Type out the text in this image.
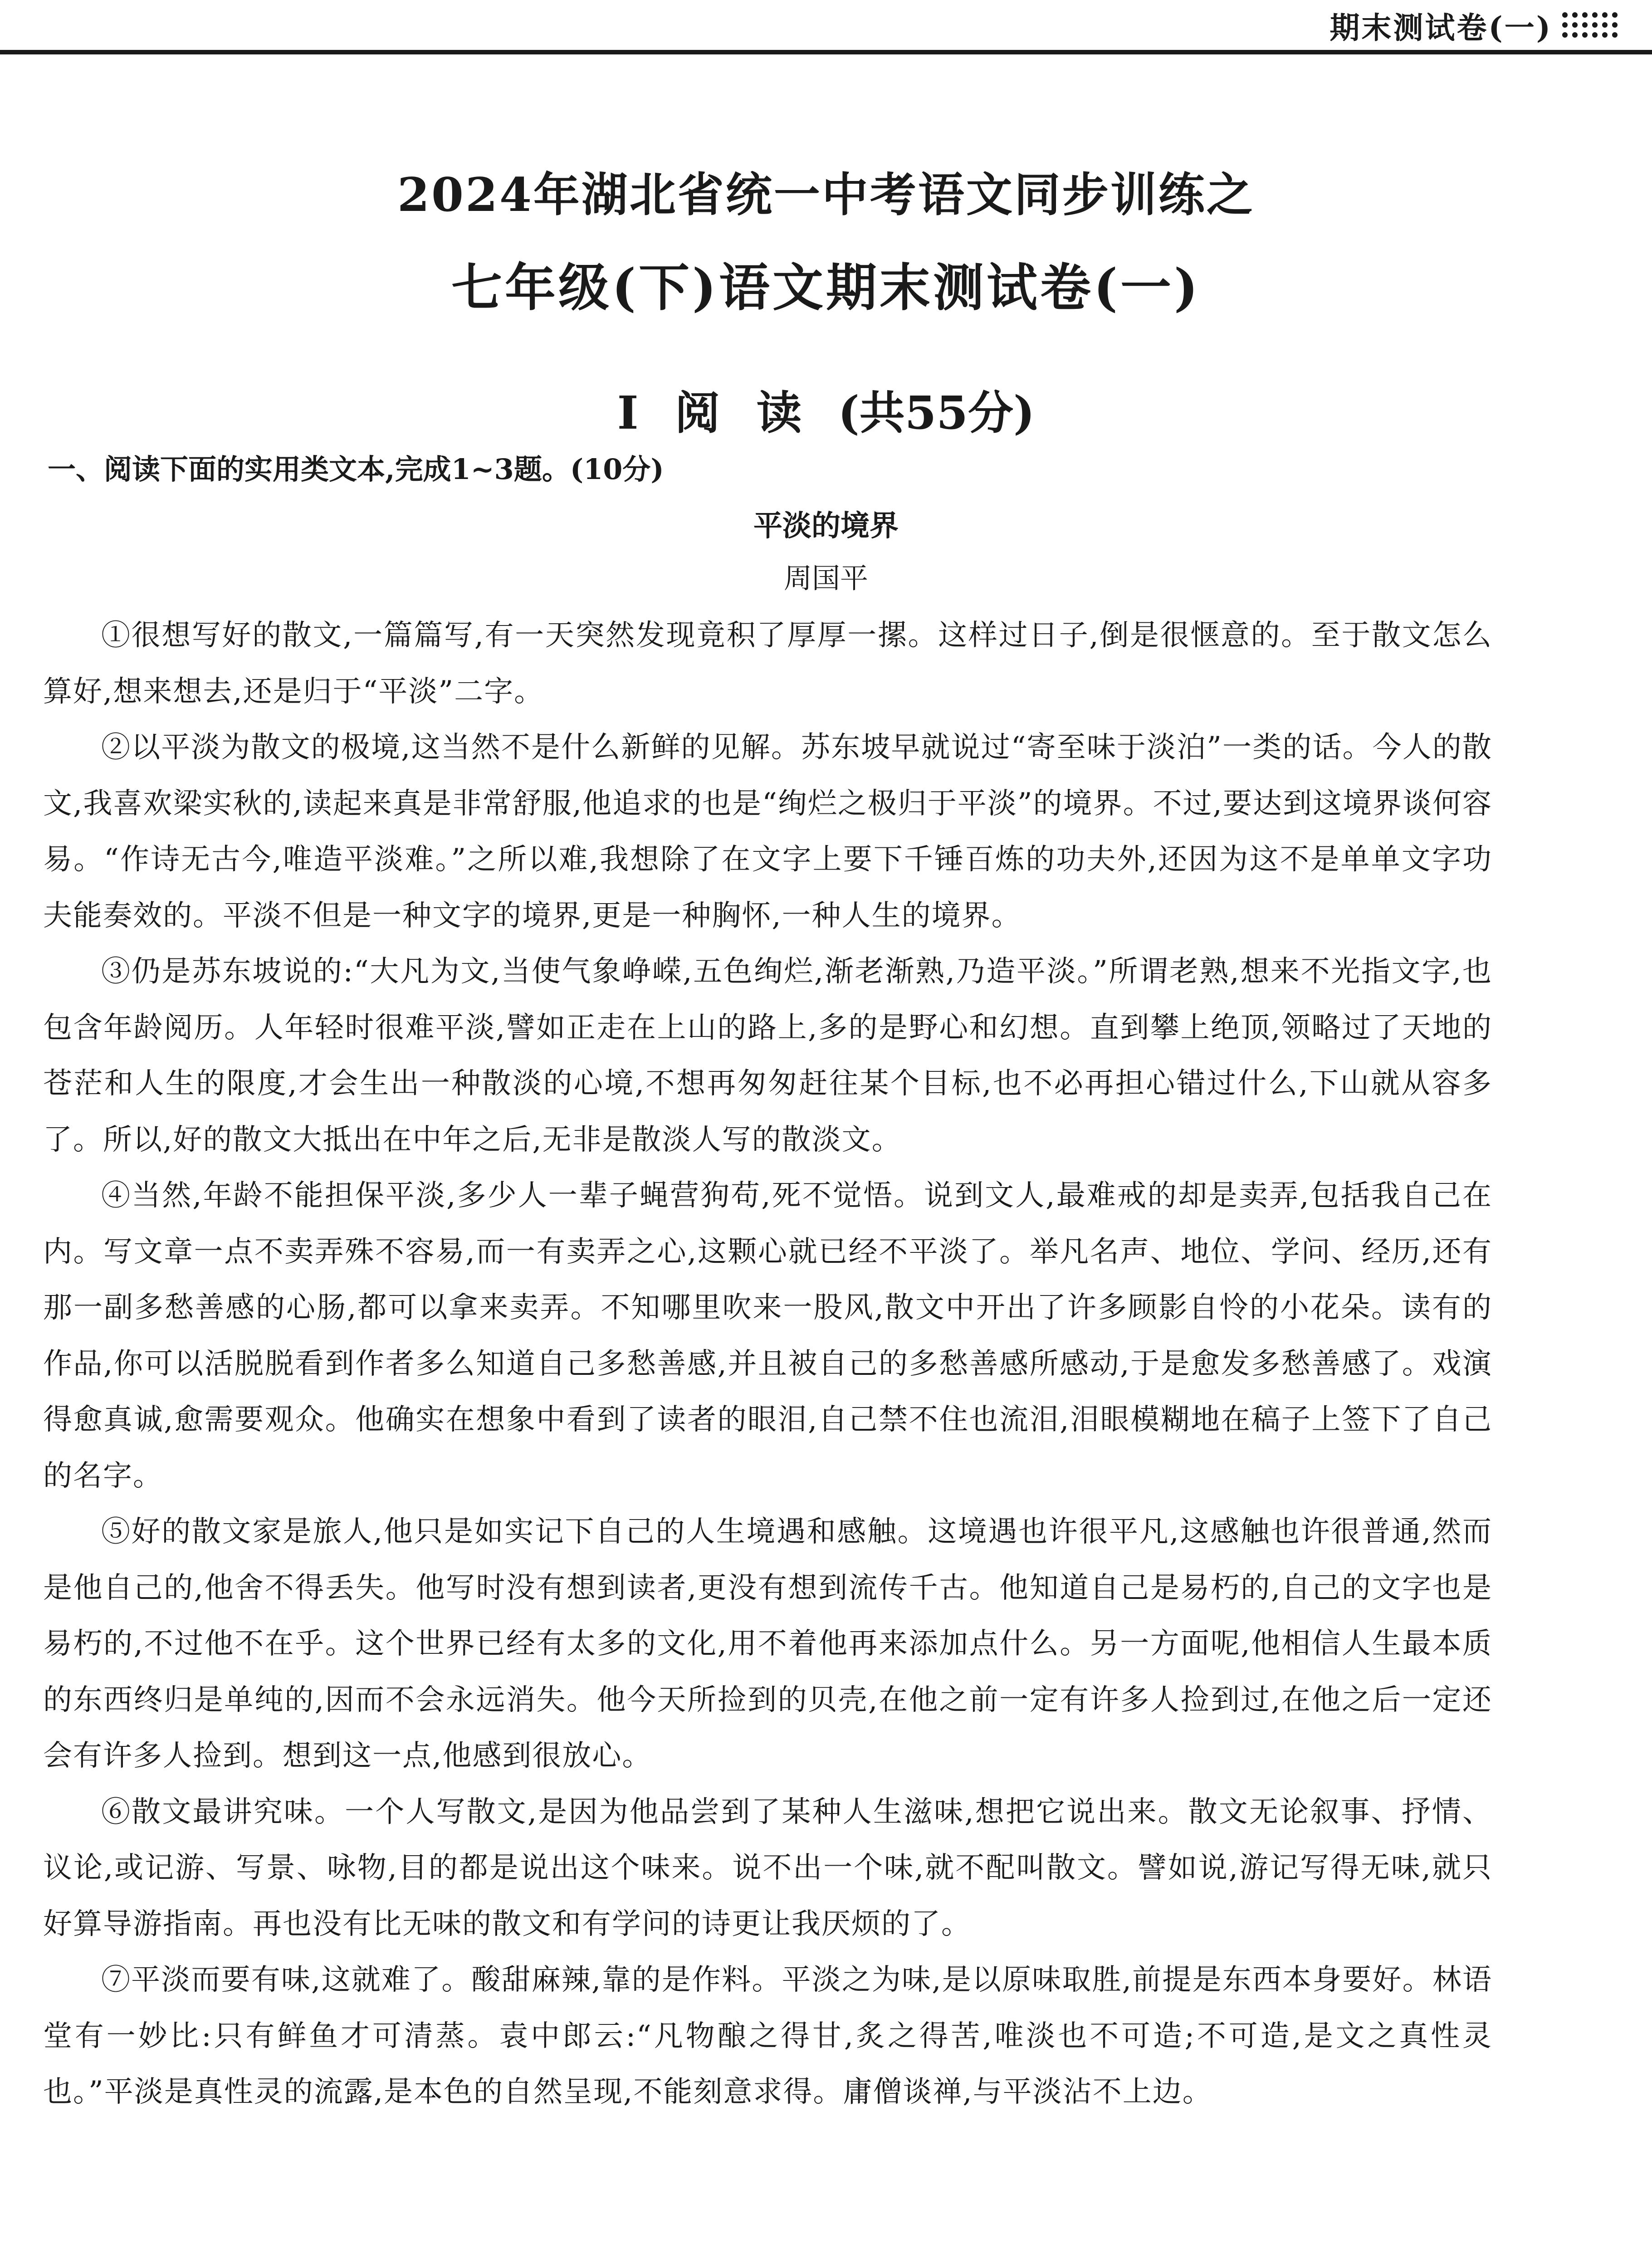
期末测试卷(一)
2024年湖北省统一中考语文同步训练之
七年级(下)语文期末测试卷(一)
I 阅 读 (共55分)
一、阅读下面的实用类文本,完成1~3题。(10分)
平淡的境界
周国平

①很想写好的散文,一篇篇写,有一天突然发现竟积了厚厚一摞。这样过日子,倒是很惬意的。至于散文怎么算好,想来想去,还是归于“平淡”二字。

②以平淡为散文的极境,这当然不是什么新鲜的见解。苏东坡早就说过“寄至味于淡泊”一类的话。今人的散文,我喜欢梁实秋的,读起来真是非常舒服,他追求的也是“绚烂之极归于平淡”的境界。不过,要达到这境界谈何容易。“作诗无古今,唯造平淡难。”之所以难,我想除了在文字上要下千锤百炼的功夫外,还因为这不是单单文字功夫能奏效的。平淡不但是一种文字的境界,更是一种胸怀,一种人生的境界。

③仍是苏东坡说的:“大凡为文,当使气象峥嵘,五色绚烂,渐老渐熟,乃造平淡。”所谓老熟,想来不光指文字,也包含年龄阅历。人年轻时很难平淡,譬如正走在上山的路上,多的是野心和幻想。直到攀上绝顶,领略过了天地的苍茫和人生的限度,才会生出一种散淡的心境,不想再匆匆赶往某个目标,也不必再担心错过什么,下山就从容多了。所以,好的散文大抵出在中年之后,无非是散淡人写的散淡文。

④当然,年龄不能担保平淡,多少人一辈子蝇营狗苟,死不觉悟。说到文人,最难戒的却是卖弄,包括我自己在内。写文章一点不卖弄殊不容易,而一有卖弄之心,这颗心就已经不平淡了。举凡名声、地位、学问、经历,还有那一副多愁善感的心肠,都可以拿来卖弄。不知哪里吹来一股风,散文中开出了许多顾影自怜的小花朵。读有的作品,你可以活脱脱看到作者多么知道自己多愁善感,并且被自己的多愁善感所感动,于是愈发多愁善感了。戏演得愈真诚,愈需要观众。他确实在想象中看到了读者的眼泪,自己禁不住也流泪,泪眼模糊地在稿子上签下了自己的名字。

⑤好的散文家是旅人,他只是如实记下自己的人生境遇和感触。这境遇也许很平凡,这感触也许很普通,然而是他自己的,他舍不得丢失。他写时没有想到读者,更没有想到流传千古。他知道自己是易朽的,自己的文字也是易朽的,不过他不在乎。这个世界已经有太多的文化,用不着他再来添加点什么。另一方面呢,他相信人生最本质的东西终归是单纯的,因而不会永远消失。他今天所捡到的贝壳,在他之前一定有许多人捡到过,在他之后一定还会有许多人捡到。想到这一点,他感到很放心。

⑥散文最讲究味。一个人写散文,是因为他品尝到了某种人生滋味,想把它说出来。散文无论叙事、抒情、议论,或记游、写景、咏物,目的都是说出这个味来。说不出一个味,就不配叫散文。譬如说,游记写得无味,就只好算导游指南。再也没有比无味的散文和有学问的诗更让我厌烦的了。

⑦平淡而要有味,这就难了。酸甜麻辣,靠的是作料。平淡之为味,是以原味取胜,前提是东西本身要好。林语堂有一妙比:只有鲜鱼才可清蒸。袁中郎云:“凡物酿之得甘,炙之得苦,唯淡也不可造;不可造,是文之真性灵也。”平淡是真性灵的流露,是本色的自然呈现,不能刻意求得。庸僧谈禅,与平淡沾不上边。
